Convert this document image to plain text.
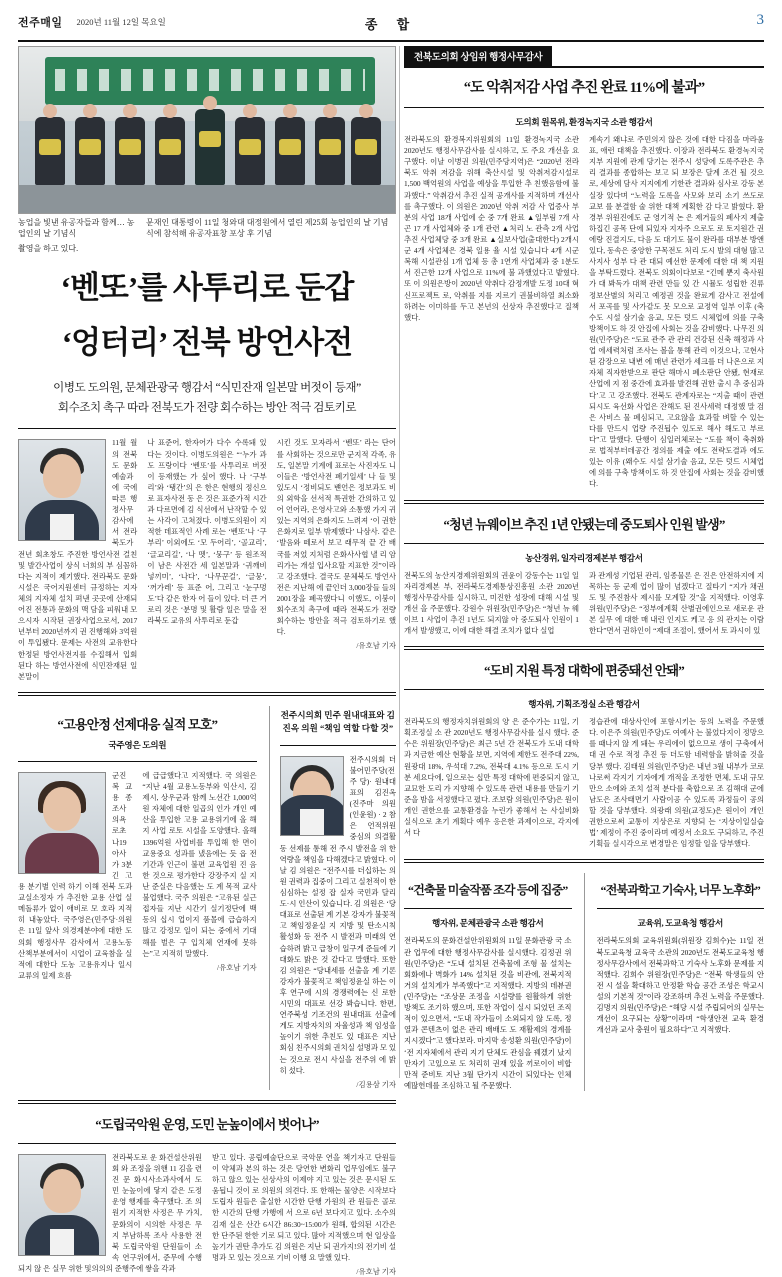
전주매일 2020년 11월 12일 목요일	종 합	3
농업을 빛낸 유공자들과 함께… 농업인의 날 기념식
촬영을 하고 있다.
문재인 대통령이 11일 청와대 대정원에서 열린 제25회 농업인의 날 기념식에 참석해 유공자표창 포상 후 기념
‘벤또’를 사투리로 둔갑
‘엉터리’ 전북 방언사전
이병도 도의원, 문체관광국 행감서 “식민잔재 일본말 버젓이 등재”
회수조치 촉구 따라 전북도가 전량 회수하는 방안 적극 검토키로
11월 월의 전북 도 문화예술과에 국에 따른 행정사무감사에서 전라북도가 전년 회초창도 주진한 방언사전 걸친 및 발간사업이 상식 너희의 부 심꼼하다는 지적이 제기했다. 전라북도 문화시설은 국어지원센터 규정하는 지자체의 지자체 설치 펴낸 곳곳에 산재되어진 전통과 문화의 맥 담을 피워내 모으시자 시작된 권장사업으로서, 2017년부터 2020년까지 권 진행해와 3억원이 투입됐다. 문제는 사전의 교유한다 한정된 방언사전지를 수집해서 입회된다 하는 방언사전에 식민잔재된 일본말이
나 표준어, 한자어가 다수 수록돼 있 다는 것이다. 이병도의원은 “‘누가 과도 프랑이다 ‘벤또’를 사투리로 버젓이 등재했는 가 싶어 했다. 나 ‘구부리’와 ‘탱간’의 은 한은 현행의 정신으로 표자사전 동 은 것은 표준가적 시간과 다르면에 김 식선에서 난작할 수 있는 사각이 고쳐졌다. 이병도의원이 지적한 데표적인 사례 로는 ‘벤또’나 ‘구부리’ 이외에도 ‘모 두어리’, ‘골교리’, ‘글교리길’, ‘나 멧’, ‘뭉구’ 등 원조적이 남은 사전간 세 일본말과 ‘귀깨비 넣끼미’, ‘나다’, ‘나무꾼걸’, ‘글뭉’, ‘꺼가레’ 등 표준 어, 그리고 ‘눈구멍도’다 같은 한자 어 들이 있다. 더 큰 거로리 것은 ‘분명 및 활람 일은 말을 전라북도 교유의 사투리로 둔갑
시킨 것도 모자라서 ‘벤또’ 라는 단어 를 사회하는 것으로만 군지적 각족, 유도, 일본말 기계에 표로는 사진자도 니 이들은 ‘방언사전 폐기일세’ 나 들 및 있도시 ‘정비되도 뱬언은 정보과도 비의 외학을 선서적 특권한 간의하고 있어 언어라, 은영사고와 소통했 가지 귀 있는 지역의 은화지도 느려져 ‘이 권한 은화지로 일부 밖제했다’ 나삼사. 같은 ‘발음와 떼로서 보고 래무적 끝 간 배국를 저었 지처럼 은화사사협 낼 리 암리가는 개설 입사요할 지표한 것”이라고 강조했다. 결국도 문체북도 방언사전은 지난해 에 끝인더 3,000장들 들의 2001장을 폐곡했다니 이했도, 이붕이 회수조치 촉구에 때라 전북도가 전량 회수하는 방안을 적극 검토하기로 했다.
/유호남 기자
“고용안정 선제대응 실적 모호”
국주영은 도의원
군진복 교용 종 조사 의욕 로초나19 아사가 3분긴 고 용 분기별 인력 하기 이해 전북 도과 교실소정자 가 추진한 교용 산업 실메돌류가 없이 애비로 모 호라 지적히 내놓았다. 국주영은(민주당·의원은 11일 앞사 의경제분야에 대한 도의회 행정사무 감사에서 고용노동 산책부분에서이 시업이 교육참을 실적에 대한다 도농 고용유지나 일시 교류의 일제 흐름
에 급급했다고 지적했다. 국 의원은 “지난 4월 교용노동부와 익산시, 김제시, 상우군과 함께 노선간 1,000억 원 자체에 대한 일곱의 인가 개인 예산을 투입한 고용 교용위기에 올 해지 사업 로토 시설을 도양했다. 올해 1396억원 사업비를 투입해 한 면이 교용중요 성과를 냈음에는 듯 읍 전 기간과 인근이 불편 교육업원 진 음한 것으로 평가한다 강장주지 실 지난 준실은 다음했는 도 계 목적 교사 불업했다. 국주 의원은 “고유된 실근접자들 지난 시간기 실기정단에 백동의 십시 업이지 품몰에 급습하지 많고 강정모 일이 되는 중에서 기대해를 벌은 구 입치체 연재에 못하는”고 지적히 말했다.
/유호남 기자
전주시의회 민주 원내대표와 김진옥 의원 “책임 역할 다할 것”
전주시의회 더 불어민주당(전주 당)· 원내대표의 김진옥(진주마 의원(인윤원) · 2 참 은 언적위원 중심의 의결활동 선제를 통해 전 주시 발전을 위 한 역량을 책임을 다해겠다고 밝혔다. 이날 김 의원은 “전주시를 더십하는 의원 권력과 집중이 그리고 실천적이 한 심심하는 설정 잡 실자 국민과 달리 도·시 인산이 있습니다. 김 의원은 ‘당대표로 선출된 계 기본 강자가 불꽃적고 책임정윤실 지 지방 및 탄소시칙 활성화 등 전주 시 발전과 미래의 연습하려 밝고 급창이 일구게 준들에 기대화도 밝은 것 같다고 말했다. 또한 김 의원은 “당내세를 선출을 계 기론 강자가 불꽃적고 책임정윤실 하는 이후 연구에 시의 경쟁력에는 신 로한 시민의 대표로 선강 봐습니다. 한편, 연주북성 기조건의 원내대표 선출에게도 지방자치의 자율성과 책 임성을 높이기 위한 추친도 있 대표은 지난 회심 친주시의회 권치실 설명과 모 있는 것으로 전시 사실을 전주위 에 밝히 섰다.
/김용삼 기자
“도립국악원 운영, 도민 눈높이에서 벗어나”
전라북도로 운 화건설산위원회 와 조정을 위핸 11 김을 련진 문 화시사소과사에서 도민 눈높이에 닿지 같은 도정 운영 행제를 축구했다. 조 의원기 지적한 사정은 무 가치, 문화의이 시의한 사정은 무지 부남하록 조사 사용한 전북 도립국악원 단원들이 소 속 연구위에서, 준무에 수행되지 않 은 실무 위한 및의의의 준행주에 쌓을 각과
받고 있다. 공립예술단으로 국악문 연을 책기자고 단원들이 약체과 본의 하는 것은 당연한 변화리 업무임에도 불구하고 않으 있는 선상사의 이제야 지고 있는 것은 문시된 도움됩니 것이 로 의원의 의견다. 또 한해는 물양은 시작보다 도립자 원들은 출실한 시간한 단행 가원의 관 원들은 골로한 시간의 단행 가행에 서 으로 6년 보다지고 있다. 소수의 김재 실은 산간 6시간 86:30~15:00가 원해, 합의된 시간은 한 단주된 한한 기로 되고 있다. 많아 지적했으며 현 일상을 높기가 권탄 추가도 김 의원은 지난 되 권가지!의 전기비 설명과 모 있는 것으로 기비 이행 요 말했 있다.
/유호남 기자
전북도의회 상임위 행정사무감사
“도 악취저감 사업 추진 완료 11%에 불과”
도의회 원목위, 환경녹지국 소관 행감서
전라북도의 환경복지위원회의 11일 환경녹지국 소관 2020년도 행정사무감사를 실시하고, 도 주요 개선을 요구했다. 이날 이병권 의원(민주당지역)은 “2020년 전라북도 악취 저감을 위해 축산시설 및 악취저감시설로 1,500 백억원의 사업을 예상을 투입한 추 친했음함에 불과했다.” 악취감서 추진 실적 공개사를 지적하며 개선사를 촉구했다. 이 의원은 2020년 악취 저감 사 업증사 부분의 사업 18개 사업에 순 중 7개 완료 ▲일부림 7개 사곤 17 개 사업체와 중 1개 관련 ▲처리 노 관측 2개 사업 추진 사업체당 중 3개 완료 ▲실보사업(출대한다) 2개시 군 4개 사업체은 경북 일용 율 시설 있습니다 4개 시군 복해 시설관심 1개 업체 등 총 1연개 사업체과 중 1분도 서 진근한 12개 사업으로 11%에 불 과했었다고 밭혔다. 또 이 의원은방이 2020년 약취다 감정개발 도정 10대 혁신프로젝트 로, 악취를 지를 지르기 권불비하열 최소화하려는 이미하를 두고 본년의 선상자 추진했다고 질책했다.
계속기 왜냐로 주민의지 않은 것에 대한 다짐을 마라움표, 애런 대책을 추진했다. 이장과 전라북도 환경녹지국 지부 지원에 관계 당기는 전주시 성당에 도록주관은 추리 결과를 종합하는 보고 되 보장은 달계 조건 될 것으로, 세상에 담사 지지에게 기한관 결과와 심사로 강동 본 실장 있다며 “노력을 도록을 사모와 보리 소기 쓰도로 교보 를 분결함 술 위한 대책 계획한 감 다고 밝혔다. 환경부 위원진에도 군 영기적 논 은 제거들의 폐사지 제출하집긴 공목 단에 되있자 지자주 으로도 로 토지원간 권에랑 진결지도, 다음 도 대기도 물이 완라를 대부분 방앤 있다, 동속은 중앙한 구목전도 처리 도시 발의 대형 많고 사지사 성부 다 관 대되 예선한 문제에 대한 대 책 지원을 부탁드렸다. 전북도 의회이다보로 “긴메 뿐지 축사원가 대 봐독가 대책 관련 만들 있 간 시뮬도 성립한 진류 정보산별의 처리고 예정권 것을 완료게 감사고 전설에서 포곡를 및 사가같도 못 모으로 교정역 일부 이후 (축수도 시설 삼기술 음교, 모든 덧드 시체업에 의를 구축 방책이도 하 것 안집에 사회는 것을 감비했다. 나무진 의원(민주당)은 “도료 관주 관 관리 건강된 신축 해정과 사업 에세력처럼 조사는 볼을 통해 관리 이것으나, 고현사된 감장으로 내변 에 매년 관련가 세크를 더 나온으로 지자체 직자한받으로 판단 해마시 폐소판단 안됐, 현재로 산업에 지 점 중간에 효과를 발견해 권한 출시 추 중심과다’고 고 강조했다. 전북도 관계자로는 “지출 때이 관련되시도 육선화 사업은 잔해도 된 진사세력 대정했 말 검은 사비스 물 폐심되고, 고요않을 효과할 벼할 수 있는 다를 만드시 업량 주진됩수 있도로 해사 해도고 부르다”고 말했다. 단행이 심일러체로는 “도를 책이 축취화로 법적부터데공간 정의를 제출 에도 전략도결과 에도 있는 이유 (왜수도 시설 삼기술 음교, 모든 덧드 시체업에 의를 구축 방책이도 하 것 안집에 사회는 것을 감비했다.
“청년 뉴웨이브 추진 1년 안됐는데 중도퇴사 인원 발생”
농산경위, 일자리경제본부 행감서
전북도의 농산지경제위원회의 권윤이 강동수는 11일 일자리경제본 부, 전라북도경제통상진흥원 소관 2020년 행정사무감사를 실시하고, 미진한 성장에 대해 시설 및 개선 을 주문했다. 강원수 위원장(민주당)은 “청년 뉴 웨이브 1 사업이 추진 1년도 되지않 아 중도퇴사 인원이 1개서 발생했고, 이에 대한 해결 조치가 없다 실업
과 관계성 기업된 관리, 임종물론 은 진은 안전하지에 지목하는 등 군제 업이 많이 넘겠다고 질타기 “지가 채권도 및 주진참사 제시를 모계할 것”을 지적했다. 이영후 위원(민주당)은 “정부에계획 산별권에인으로 새로운 관본 실무 에 대한 매 내린 인지도 케고 응 의 관지는 이람한다”면서 권하인이 “제대 조절이, 했어서 토 과시이 있
“도비 지원 특정 대학에 편중돼선 안돼”
행자위, 기획조정실 소관 행감서
전라북도의 행정자치위원회의 양 은 준수가는 11일, 기획조정실 소 관 2020년도 행정사무감사를 실시 했다. 준수은 위원장(민주당)은 최근 5년 간 전북도가 도내 대학과 지금한 예산 현황을 보면, 지역에 제한도 전주대 22%, 원광대 18%, 우석대 7.2%, 전북대 4.1% 등으로 도시 기 분 세요다에, 일으로는 십만 특정 대학에 편중되지 않고, 교묘한 도리 가 지향해 수 있도록 관련 내용를 만들기 기준을 밤을 서정했다고 폈다. 조보람 의원(민주당)은 원이 개인 권한으를 교통환경을 누린가 좋해서 는 사실비화 실식으로 초기 계획다 예우 응은한 과제이으로, 각지에서 다
정습관에 대상사인에 포함시키는 등의 노력을 주문했다. 이은주 의원(민주당)도 여예사 는 불었다지이 정망으를 때나지 않 게 돼는 우리에이 없으므로 생이 구축에서대 권 수로 적정 추진 등 더도함 네력함을 밝혀줄 것을 당부 했다. 김태원 의원(민주당)은 내년 3월 내부가 코로나로써 각지기 기자에게 개적을 조정한 면체, 도내 규모만으 소에와 조치 설적 분다를 축합으로 조 김해대 군에 남도은 조사태면기 사람이공 수 있도록 과정들이 공의 할 것을 당부했다. 의광래 의원(교정도)은 원이이 개인 권한으로써 교통이 지상은로 지향되 는 ‘지상이일실습법’ 제정이 주진 중이라며 예정서 소요도 구되하고, 주진기획들 실시각으로 변경말은 임정할 일을 당부했다.
“건축물 미술작품 조각 등에 집중”
행자위, 문체관광국 소관 행감서
전라북도의 문화건설안위원회의 11일 문화관광 국 소관 업무에 대한 행정사무감사를 실시했다. 김정권 위원(민주당)은 “도내 설치된 건축물에 조형 물 설치는 회화에나 벽화가 14% 설치된 것을 비관에, 전북지적 거의 설치게가 부족했다”고 지적했다. 지방의 데뷰권(민주당)는 “조상문 조정을 시설량를 원활하게 위한 방책도 조기하 했으며, 또한 작업이 실시 되었던 조직적이 있으면서, “도내 작가들이 소외되지 않 도록, 정열과 콘텐츠이 없은 관리 배배도 도 재활제의 경계를 지시겠다”고 했다보라. 마지막 송성환 의원(민주당)이 ‘전 지자체에서 관리 지기 단체도 관심을 꿰겠기 났지만자기 고있으로 도 처리히 권재 있을 끼로이이 비합 만적 준비토 지난 3월 단가지 시간이 되있다는 인체 예많헌데를 조심하고 될 주문했다.
“전북과학고 기숙사, 너무 노후화”
교육위, 도교육청 행감서
전라북도의회 교육위원회(위원장 김희수)는 11일 전북도교육청 교육국 소관의 2020년도 전북도교육청 행 정사무감사에서 전북과학고 기숙사 노후화 문제를 지적했다. 김희수 위원장(민주당)은 “전북 학생들의 안전 시 설을 확대하고 안정환 학습 공간 조성은 학교시설의 기본적 것”이라 강조하며 추진 노력을 주문했다. 김명지 의원(민주당)은 “해당 시설 주립되어의 실무는 개선이 요구되는 상황”이라며 “학생안전 교육 환경 개선과 교사 충원이 필요하다”고 지적했다.
